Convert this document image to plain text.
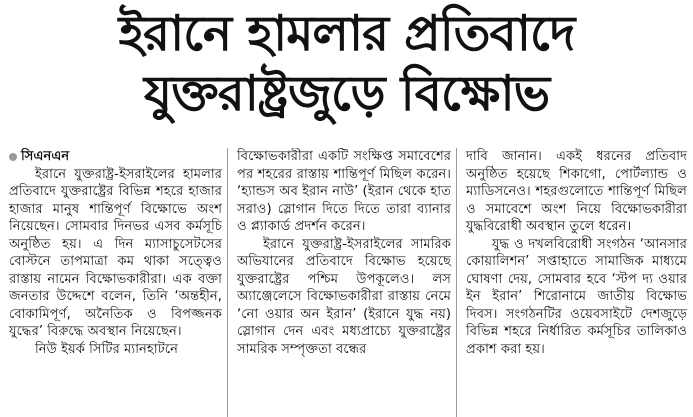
ইরানে হামলার প্রতিবাদে
যুক্তরাষ্ট্রজুড়ে বিক্ষোভ
সিএনএন

ইরানে যুক্তরাষ্ট্র-ইসরাইলের হামলার প্রতিবাদে যুক্তরাষ্ট্রের বিভিন্ন শহরে হাজার হাজার মানুষ শান্তিপূর্ণ বিক্ষোভে অংশ নিয়েছেন। সোমবার দিনভর এসব কর্মসূচি অনুষ্ঠিত হয়। এ দিন ম্যাসাচুসেটসের বোস্টনে তাপমাত্রা কম থাকা সত্ত্বেও রাস্তায় নামেন বিক্ষোভকারীরা। এক বক্তা জনতার উদ্দেশে বলেন, তিনি ‘অন্তহীন, বোকামিপূর্ণ, অনৈতিক ও বিপজ্জনক যুদ্ধের’ বিরুদ্ধে অবস্থান নিয়েছেন।

নিউ ইয়র্ক সিটির ম্যানহাটনে

বিক্ষোভকারীরা একটি সংক্ষিপ্ত সমাবেশের পর শহরের রাস্তায় শান্তিপূর্ণ মিছিল করেন। ‘হ্যান্ডস অব ইরান নাউ’ (ইরান থেকে হাত সরাও) স্লোগান দিতে দিতে তারা ব্যানার ও প্ল্যাকার্ড প্রদর্শন করেন।

ইরানে যুক্তরাষ্ট্র-ইসরাইলের সামরিক অভিযানের প্রতিবাদে বিক্ষোভ হয়েছে যুক্তরাষ্ট্রের পশ্চিম উপকূলেও। লস অ্যাঞ্জেলেসে বিক্ষোভকারীরা রাস্তায় নেমে ‘নো ওয়ার অন ইরান’ (ইরানে যুদ্ধ নয়) স্লোগান দেন এবং মধ্যপ্রাচ্যে যুক্তরাষ্ট্রের সামরিক সম্পৃক্ততা বন্ধের

দাবি জানান। একই ধরনের প্রতিবাদ অনুষ্ঠিত হয়েছে শিকাগো, পোর্টল্যান্ড ও ম্যাডিসনেও। শহরগুলোতে শান্তিপূর্ণ মিছিল ও সমাবেশে অংশ নিয়ে বিক্ষোভকারীরা যুদ্ধবিরোধী অবস্থান তুলে ধরেন।

যুদ্ধ ও দখলবিরোধী সংগঠন ‘আনসার কোয়ালিশন’ সপ্তাহাতে সামাজিক মাধ্যমে ঘোষণা দেয়, সোমবার হবে ‘স্টপ দ্য ওয়ার ইন ইরান’ শিরোনামে জাতীয় বিক্ষোভ দিবস। সংগঠনটির ওয়েবসাইটে দেশজুড়ে বিভিন্ন শহরে নির্ধারিত কর্মসূচির তালিকাও প্রকাশ করা হয়।
